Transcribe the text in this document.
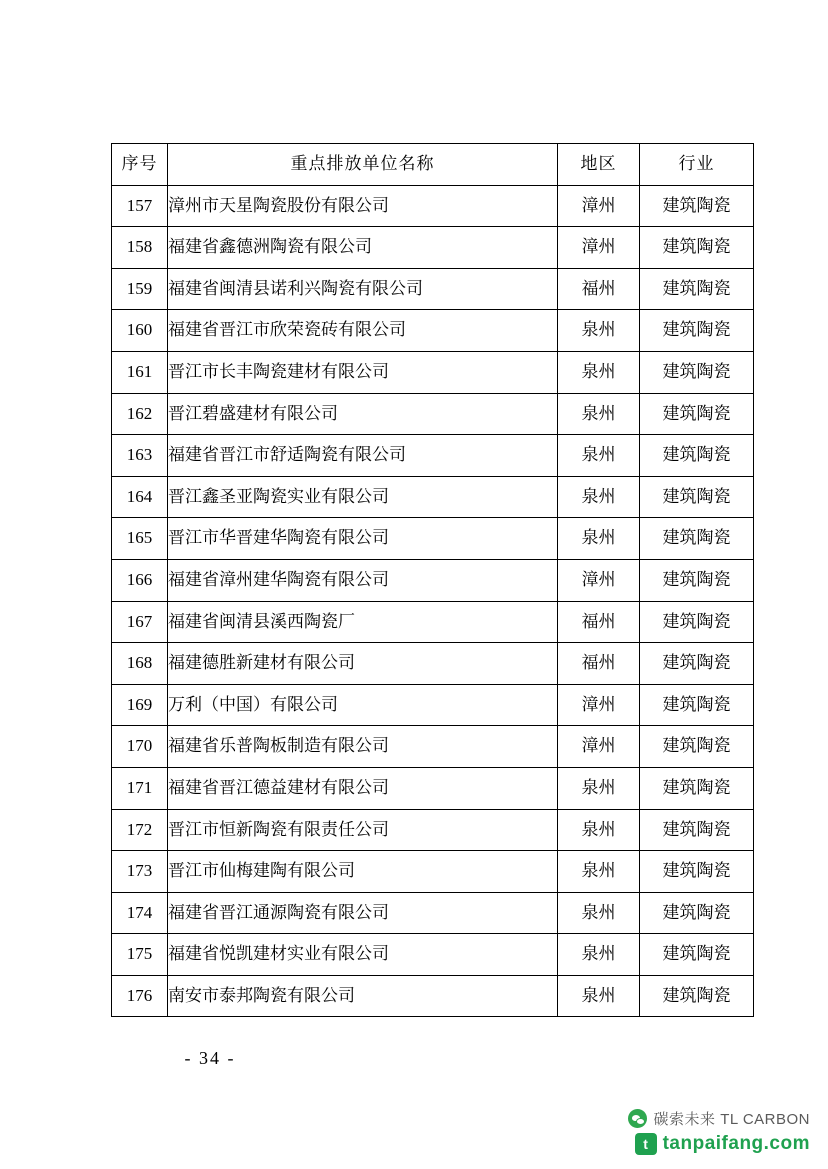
序号	重点排放单位名称	地区	行业
157	漳州市天星陶瓷股份有限公司	漳州	建筑陶瓷
158	福建省鑫德洲陶瓷有限公司	漳州	建筑陶瓷
159	福建省闽清县诺利兴陶瓷有限公司	福州	建筑陶瓷
160	福建省晋江市欣荣瓷砖有限公司	泉州	建筑陶瓷
161	晋江市长丰陶瓷建材有限公司	泉州	建筑陶瓷
162	晋江碧盛建材有限公司	泉州	建筑陶瓷
163	福建省晋江市舒适陶瓷有限公司	泉州	建筑陶瓷
164	晋江鑫圣亚陶瓷实业有限公司	泉州	建筑陶瓷
165	晋江市华晋建华陶瓷有限公司	泉州	建筑陶瓷
166	福建省漳州建华陶瓷有限公司	漳州	建筑陶瓷
167	福建省闽清县溪西陶瓷厂	福州	建筑陶瓷
168	福建德胜新建材有限公司	福州	建筑陶瓷
169	万利（中国）有限公司	漳州	建筑陶瓷
170	福建省乐普陶板制造有限公司	漳州	建筑陶瓷
171	福建省晋江德益建材有限公司	泉州	建筑陶瓷
172	晋江市恒新陶瓷有限责任公司	泉州	建筑陶瓷
173	晋江市仙梅建陶有限公司	泉州	建筑陶瓷
174	福建省晋江通源陶瓷有限公司	泉州	建筑陶瓷
175	福建省悦凯建材实业有限公司	泉州	建筑陶瓷
176	南安市泰邦陶瓷有限公司	泉州	建筑陶瓷
- 34 -
碳索未来 TL CARBON
t tanpaifang.com
